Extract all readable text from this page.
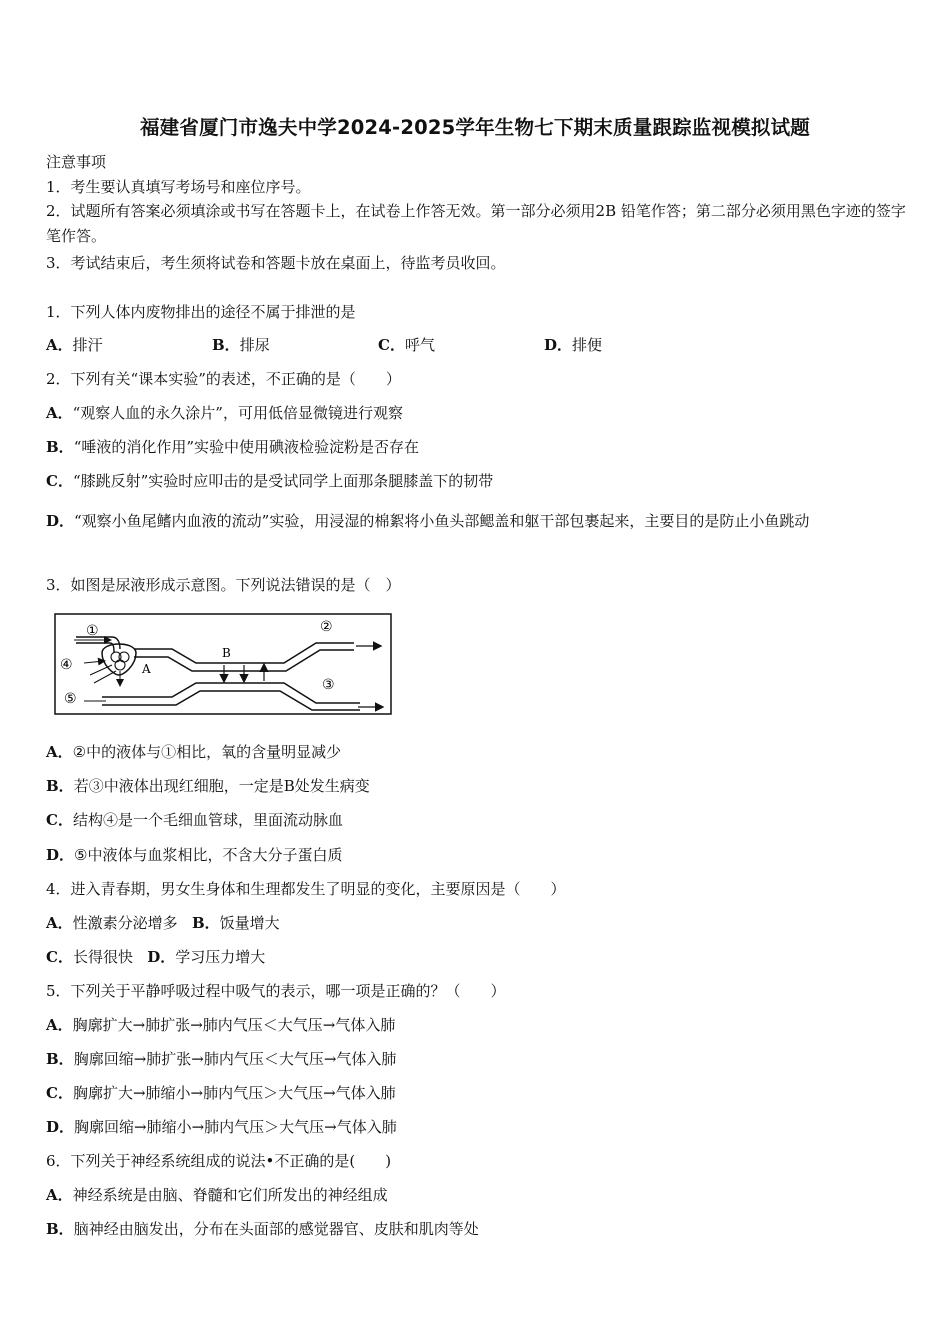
福建省厦门市逸夫中学2024-2025学年生物七下期末质量跟踪监视模拟试题
注意事项
1．考生要认真填写考场号和座位序号。
2．试题所有答案必须填涂或书写在答题卡上，在试卷上作答无效。第一部分必须用2B 铅笔作答；第二部分必须用黑色字迹的签字笔作答。
3．考试结束后，考生须将试卷和答题卡放在桌面上，待监考员收回。
1．下列人体内废物排出的途径不属于排泄的是
A．排汗	B．排尿	C．呼气	D．排便
2．下列有关“课本实验”的表述，不正确的是（　　）
A．“观察人血的永久涂片”，可用低倍显微镜进行观察
B．“唾液的消化作用”实验中使用碘液检验淀粉是否存在
C．“膝跳反射”实验时应叩击的是受试同学上面那条腿膝盖下的韧带
D．“观察小鱼尾鳍内血液的流动”实验，用浸湿的棉絮将小鱼头部鳃盖和躯干部包裹起来，主要目的是防止小鱼跳动
3．如图是尿液形成示意图。下列说法错误的是（　）
①	②
③
④
⑤
A
B
A．②中的液体与①相比，氧的含量明显减少
B．若③中液体出现红细胞，一定是B处发生病变
C．结构④是一个毛细血管球，里面流动脉血
D．⑤中液体与血浆相比，不含大分子蛋白质
4．进入青春期，男女生身体和生理都发生了明显的变化，主要原因是（　　）
A．性激素分泌增多 B．饭量增大
C．长得很快 D．学习压力增大
5．下列关于平静呼吸过程中吸气的表示，哪一项是正确的？（　　）
A．胸廓扩大→肺扩张→肺内气压＜大气压→气体入肺
B．胸廓回缩→肺扩张→肺内气压＜大气压→气体入肺
C．胸廓扩大→肺缩小→肺内气压＞大气压→气体入肺
D．胸廓回缩→肺缩小→肺内气压＞大气压→气体入肺
6．下列关于神经系统组成的说法•不正确的是(　　)
A．神经系统是由脑、脊髓和它们所发出的神经组成
B．脑神经由脑发出，分布在头面部的感觉器官、皮肤和肌肉等处
